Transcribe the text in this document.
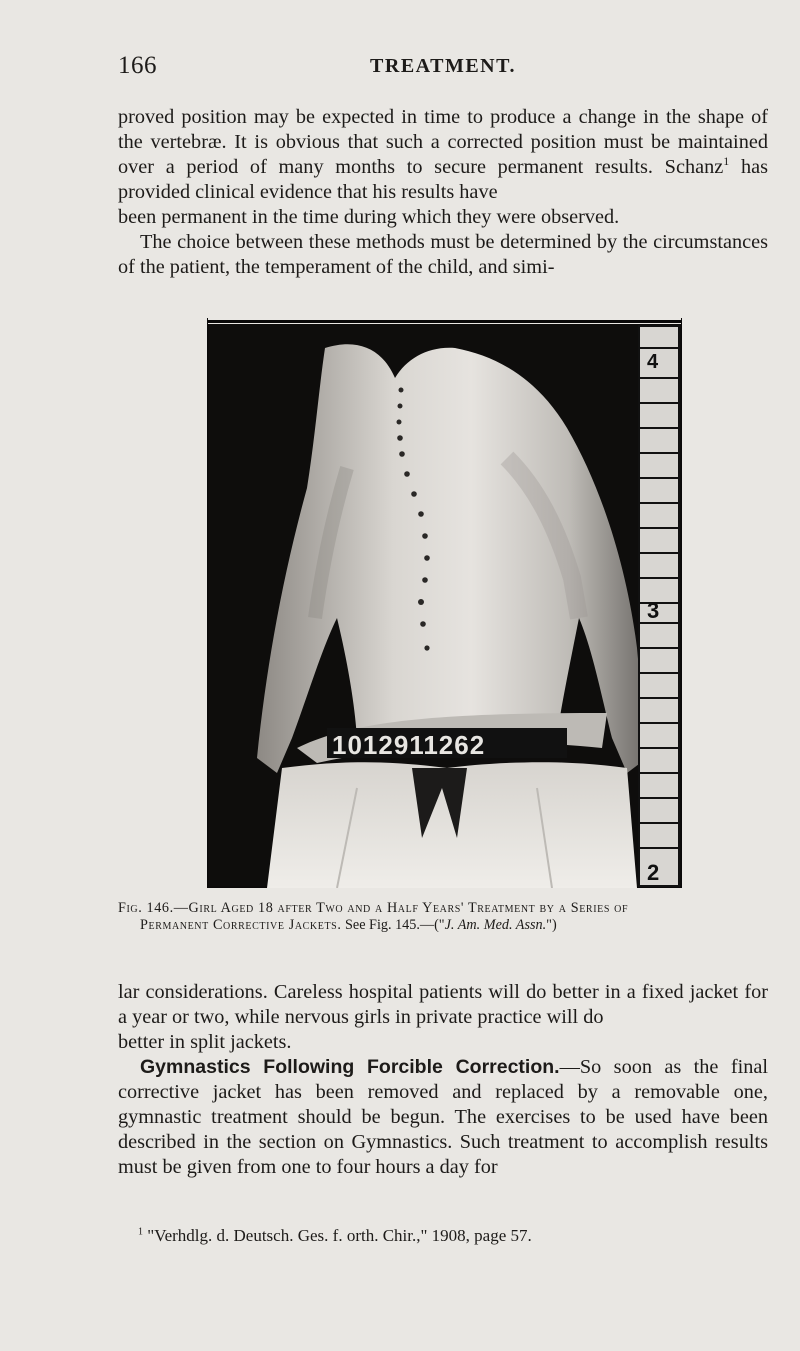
166	TREATMENT.

proved position may be expected in time to produce a change in the shape of the vertebræ. It is obvious that such a corrected position must be maintained over a period of many months to secure permanent results. Schanz$^1$ has provided clinical evidence that his results have

been permanent in the time during which they were observed.

The choice between these methods must be determined by the circumstances of the patient, the temperament of the child, and simi-

1012911262
4
3
2
Fig. 146.—Girl Aged 18 after Two and a Half Years' Treatment by a Series of
Permanent Corrective Jackets. See Fig. 145.—("J. Am. Med. Assn.")

lar considerations. Careless hospital patients will do better in a fixed jacket for a year or two, while nervous girls in private practice will do

better in split jackets.

Gymnastics Following Forcible Correction.—So soon as the final corrective jacket has been removed and replaced by a removable one, gymnastic treatment should be begun. The exercises to be used have been described in the section on Gymnastics. Such treatment to accomplish results must be given from one to four hours a day for

$^1$ "Verhdlg. d. Deutsch. Ges. f. orth. Chir.," 1908, page 57.
